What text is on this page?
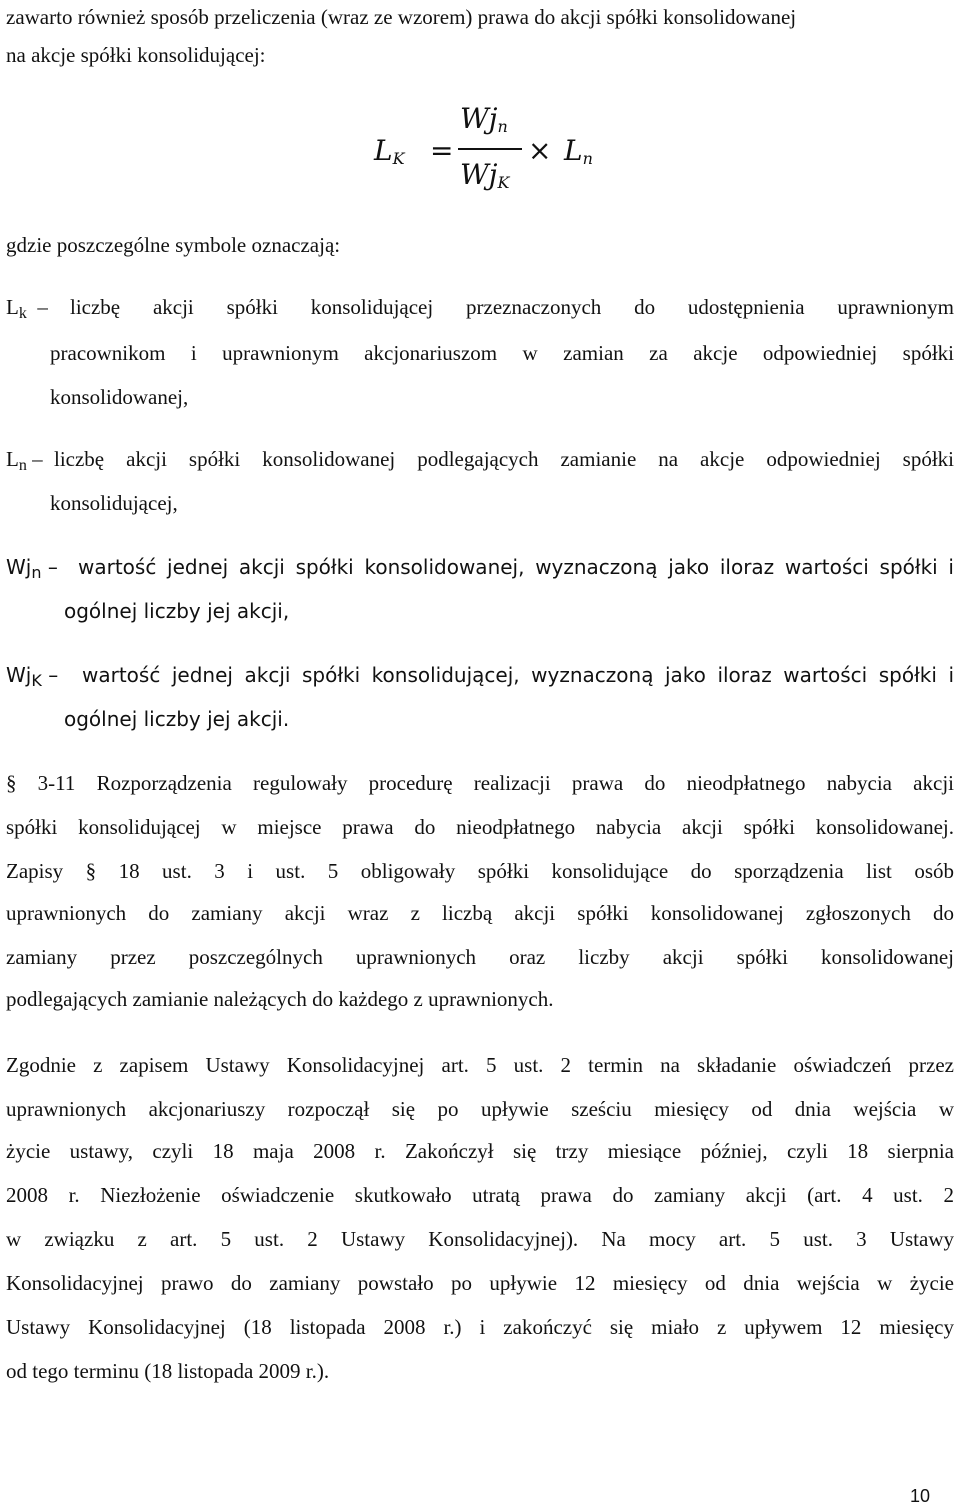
zawarto również sposób przeliczenia (wraz ze wzorem) prawa do akcji spółki konsolidowanej
na akcje spółki konsolidującej:
$L_K$ =
$Wj_n$
$Wj_K$
× $L_n$
gdzie poszczególne symbole oznaczają:
$L_k$  – liczbę akcji spółki konsolidującej przeznaczonych do udostępnienia uprawnionym
pracownikom i uprawnionym akcjonariuszom w zamian za akcje odpowiedniej spółki
konsolidowanej,
$L_n$ – liczbę akcji spółki konsolidowanej podlegających zamianie na akcje odpowiedniej spółki
konsolidującej,
$Wj_n$ – wartość jednej akcji spółki konsolidowanej, wyznaczoną jako iloraz wartości spółki i
ogólnej liczby jej akcji,
$Wj_K$ – wartość jednej akcji spółki konsolidującej, wyznaczoną jako iloraz wartości spółki i
ogólnej liczby jej akcji.
§ 3-11 Rozporządzenia regulowały procedurę realizacji prawa do nieodpłatnego nabycia akcji
spółki konsolidującej w miejsce prawa do nieodpłatnego nabycia akcji spółki konsolidowanej.
Zapisy § 18 ust. 3 i ust. 5 obligowały spółki konsolidujące do sporządzenia list osób
uprawnionych do zamiany akcji wraz z liczbą akcji spółki konsolidowanej zgłoszonych do
zamiany przez poszczególnych uprawnionych oraz liczby akcji spółki konsolidowanej
podlegających zamianie należących do każdego z uprawnionych.
Zgodnie z zapisem Ustawy Konsolidacyjnej art. 5 ust. 2 termin na składanie oświadczeń przez
uprawnionych akcjonariuszy rozpoczął się po upływie sześciu miesięcy od dnia wejścia w
życie ustawy, czyli 18 maja 2008 r. Zakończył się trzy miesiące później, czyli 18 sierpnia
2008 r. Niezłożenie oświadczenie skutkowało utratą prawa do zamiany akcji (art. 4 ust. 2
w związku z art. 5 ust. 2 Ustawy Konsolidacyjnej). Na mocy art. 5 ust. 3 Ustawy
Konsolidacyjnej prawo do zamiany powstało po upływie 12 miesięcy od dnia wejścia w życie
Ustawy Konsolidacyjnej (18 listopada 2008 r.) i zakończyć się miało z upływem 12 miesięcy
od tego terminu (18 listopada 2009 r.).
10
